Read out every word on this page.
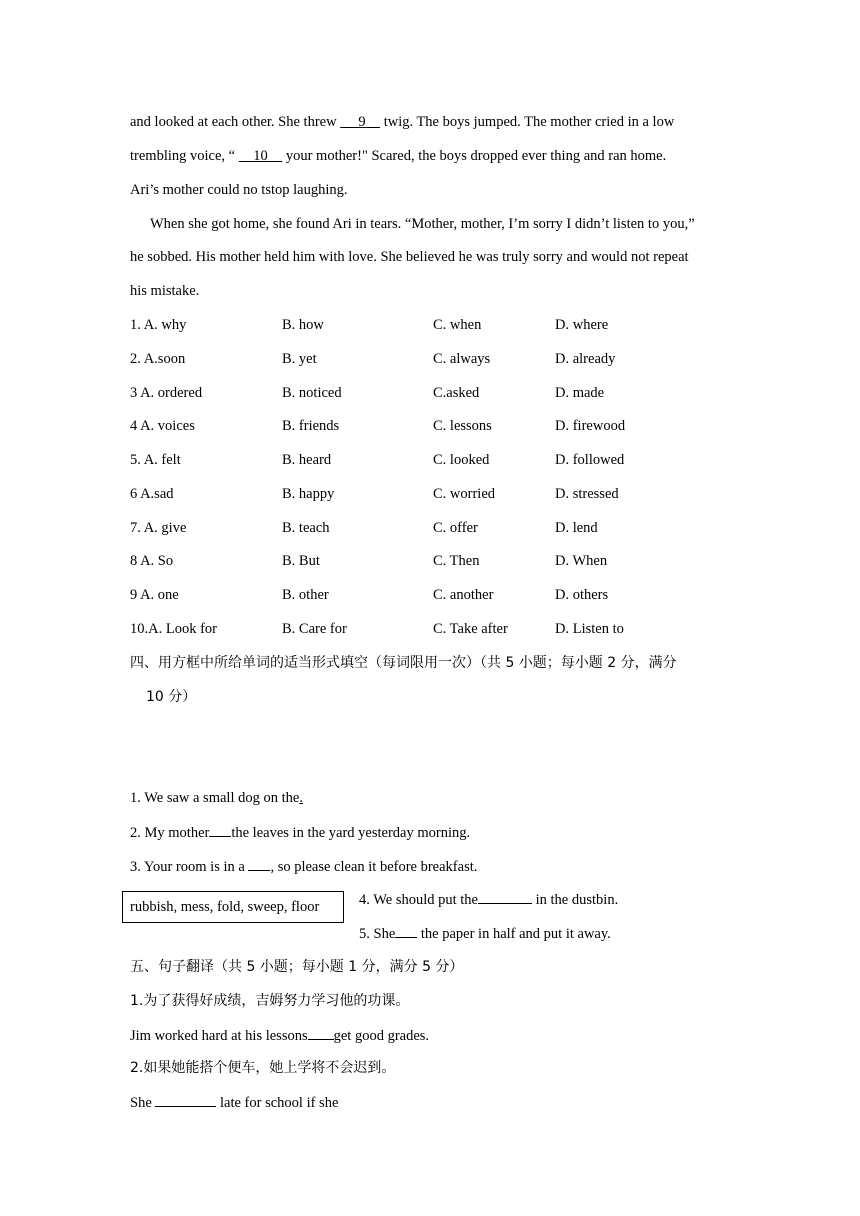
and looked at each other. She threw      9     twig. The boys jumped. The mother cried in a low
trembling voice, “     10     your mother!" Scared, the boys dropped ever thing and ran home.
Ari’s mother could no tstop laughing.
When she got home, she found Ari in tears. “Mother, mother, I’m sorry I didn’t listen to you,”
he sobbed. His mother held him with love. She believed he was truly sorry and would not repeat
his mistake.
1. A. why	B. how	C. when	D. where
2. A.soon	B. yet	C. always	D. already
3 A. ordered	B. noticed	C.asked	D. made
4 A. voices	B. friends	C. lessons	D. firewood
5. A. felt	B. heard	C. looked	D. followed
6 A.sad	B. happy	C. worried	D. stressed
7. A. give	B. teach	C. offer	D. lend
8 A. So	B. But	C. Then	D. When
9 A. one	B. other	C. another	D. others
10.A. Look for	B. Care for	C. Take after	D. Listen to
四、用方框中所给单词的适当形式填空（每词限用一次）（共 5 小题；每小题 2 分，满分
10 分）
1. We saw a small dog on the.
2. My mother the leaves in the yard yesterday morning.
3. Your room is in a , so please clean it before breakfast.
rubbish, mess, fold, sweep, floor	4. We should put the	in the dustbin.
5. She the paper in half and put it away.
五、句子翻译（共 5 小题；每小题 1 分，满分 5 分）
1.为了获得好成绩，吉姆努力学习他的功课。
Jim worked hard at his lessons get good grades.
2.如果她能搭个便车，她上学将不会迟到。
She	late for school if she
